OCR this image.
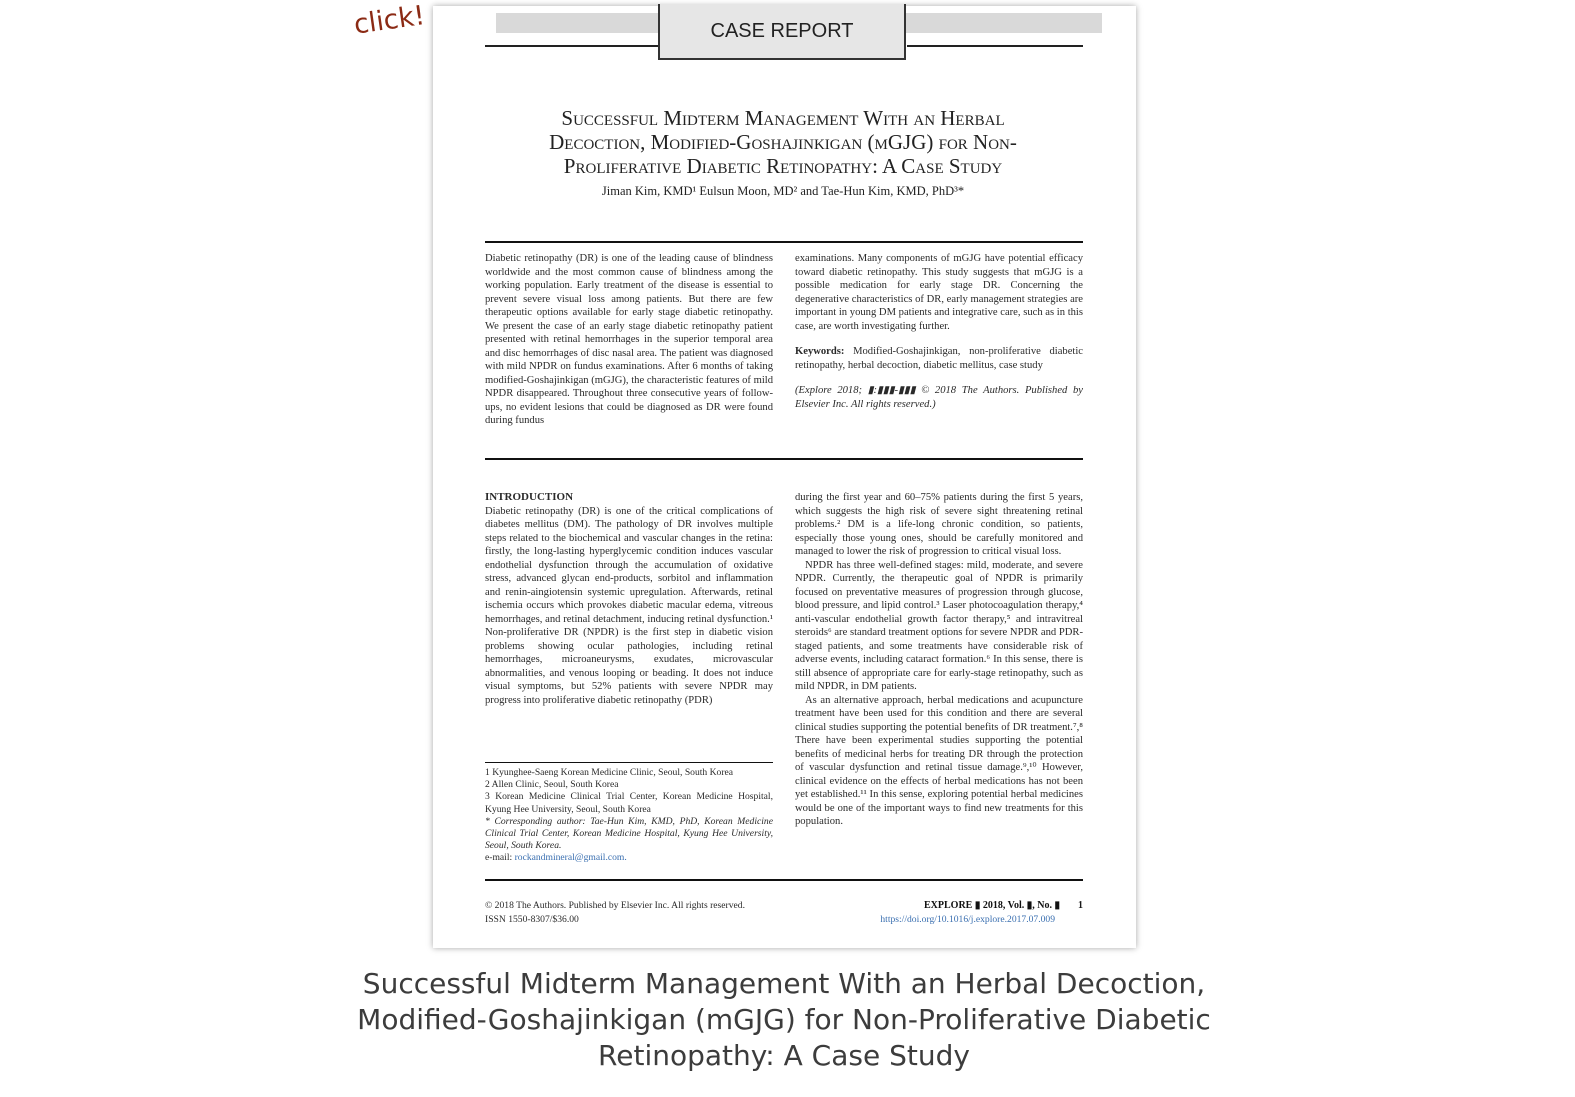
click!	CASE REPORT
Successful Midterm Management With an Herbal Decoction, Modified-Goshajinkigan (mGJG) for Non-Proliferative Diabetic Retinopathy: A Case Study
Jiman Kim, KMD¹ Eulsun Moon, MD² and Tae-Hun Kim, KMD, PhD³*

Diabetic retinopathy (DR) is one of the leading cause of blindness worldwide and the most common cause of blindness among the working population. Early treatment of the disease is essential to prevent severe visual loss among patients. But there are few therapeutic options available for early stage diabetic retinopathy. We present the case of an early stage diabetic retinopathy patient presented with retinal hemorrhages in the superior temporal area and disc hemorrhages of disc nasal area. The patient was diagnosed with mild NPDR on fundus examinations. After 6 months of taking modified-Goshajinkigan (mGJG), the characteristic features of mild NPDR disappeared. Throughout three consecutive years of follow-ups, no evident lesions that could be diagnosed as DR were found during fundus

examinations. Many components of mGJG have potential efficacy toward diabetic retinopathy. This study suggests that mGJG is a possible medication for early stage DR. Concerning the degenerative characteristics of DR, early management strategies are important in young DM patients and integrative care, such as in this case, are worth investigating further.

Keywords: Modified-Goshajinkigan, non-proliferative diabetic retinopathy, herbal decoction, diabetic mellitus, case study

(Explore 2018; ▮:▮▮▮-▮▮▮ © 2018 The Authors. Published by Elsevier Inc. All rights reserved.)

INTRODUCTION

Diabetic retinopathy (DR) is one of the critical complications of diabetes mellitus (DM). The pathology of DR involves multiple steps related to the biochemical and vascular changes in the retina: firstly, the long-lasting hyperglycemic condition induces vascular endothelial dysfunction through the accumulation of oxidative stress, advanced glycan end-products, sorbitol and inflammation and renin-aingiotensin systemic upregulation. Afterwards, retinal ischemia occurs which provokes diabetic macular edema, vitreous hemorrhages, and retinal detachment, inducing retinal dysfunction.¹ Non-proliferative DR (NPDR) is the first step in diabetic vision problems showing ocular pathologies, including retinal hemorrhages, microaneurysms, exudates, microvascular abnormalities, and venous looping or beading. It does not induce visual symptoms, but 52% patients with severe NPDR may progress into proliferative diabetic retinopathy (PDR)

1 Kyunghee-Saeng Korean Medicine Clinic, Seoul, South Korea

2 Allen Clinic, Seoul, South Korea

3 Korean Medicine Clinical Trial Center, Korean Medicine Hospital, Kyung Hee University, Seoul, South Korea

* Corresponding author: Tae-Hun Kim, KMD, PhD, Korean Medicine Clinical Trial Center, Korean Medicine Hospital, Kyung Hee University, Seoul, South Korea.

e-mail: rockandmineral@gmail.com.

during the first year and 60–75% patients during the first 5 years, which suggests the high risk of severe sight threatening retinal problems.² DM is a life-long chronic condition, so patients, especially those young ones, should be carefully monitored and managed to lower the risk of progression to critical visual loss.

NPDR has three well-defined stages: mild, moderate, and severe NPDR. Currently, the therapeutic goal of NPDR is primarily focused on preventative measures of progression through glucose, blood pressure, and lipid control.³ Laser photocoagulation therapy,⁴ anti-vascular endothelial growth factor therapy,⁵ and intravitreal steroids⁶ are standard treatment options for severe NPDR and PDR-staged patients, and some treatments have considerable risk of adverse events, including cataract formation.⁶ In this sense, there is still absence of appropriate care for early-stage retinopathy, such as mild NPDR, in DM patients.

As an alternative approach, herbal medications and acupuncture treatment have been used for this condition and there are several clinical studies supporting the potential benefits of DR treatment.⁷,⁸ There have been experimental studies supporting the potential benefits of medicinal herbs for treating DR through the protection of vascular dysfunction and retinal tissue damage.⁹,¹⁰ However, clinical evidence on the effects of herbal medications has not been yet established.¹¹ In this sense, exploring potential herbal medicines would be one of the important ways to find new treatments for this population.

© 2018 The Authors. Published by Elsevier Inc. All rights reserved.
ISSN 1550-8307/$36.00
EXPLORE ▮ 2018, Vol. ▮, No. ▮ 1
https://doi.org/10.1016/j.explore.2017.07.009
Successful Midterm Management With an Herbal Decoction, Modified-Goshajinkigan (mGJG) for Non-Proliferative Diabetic Retinopathy: A Case Study
